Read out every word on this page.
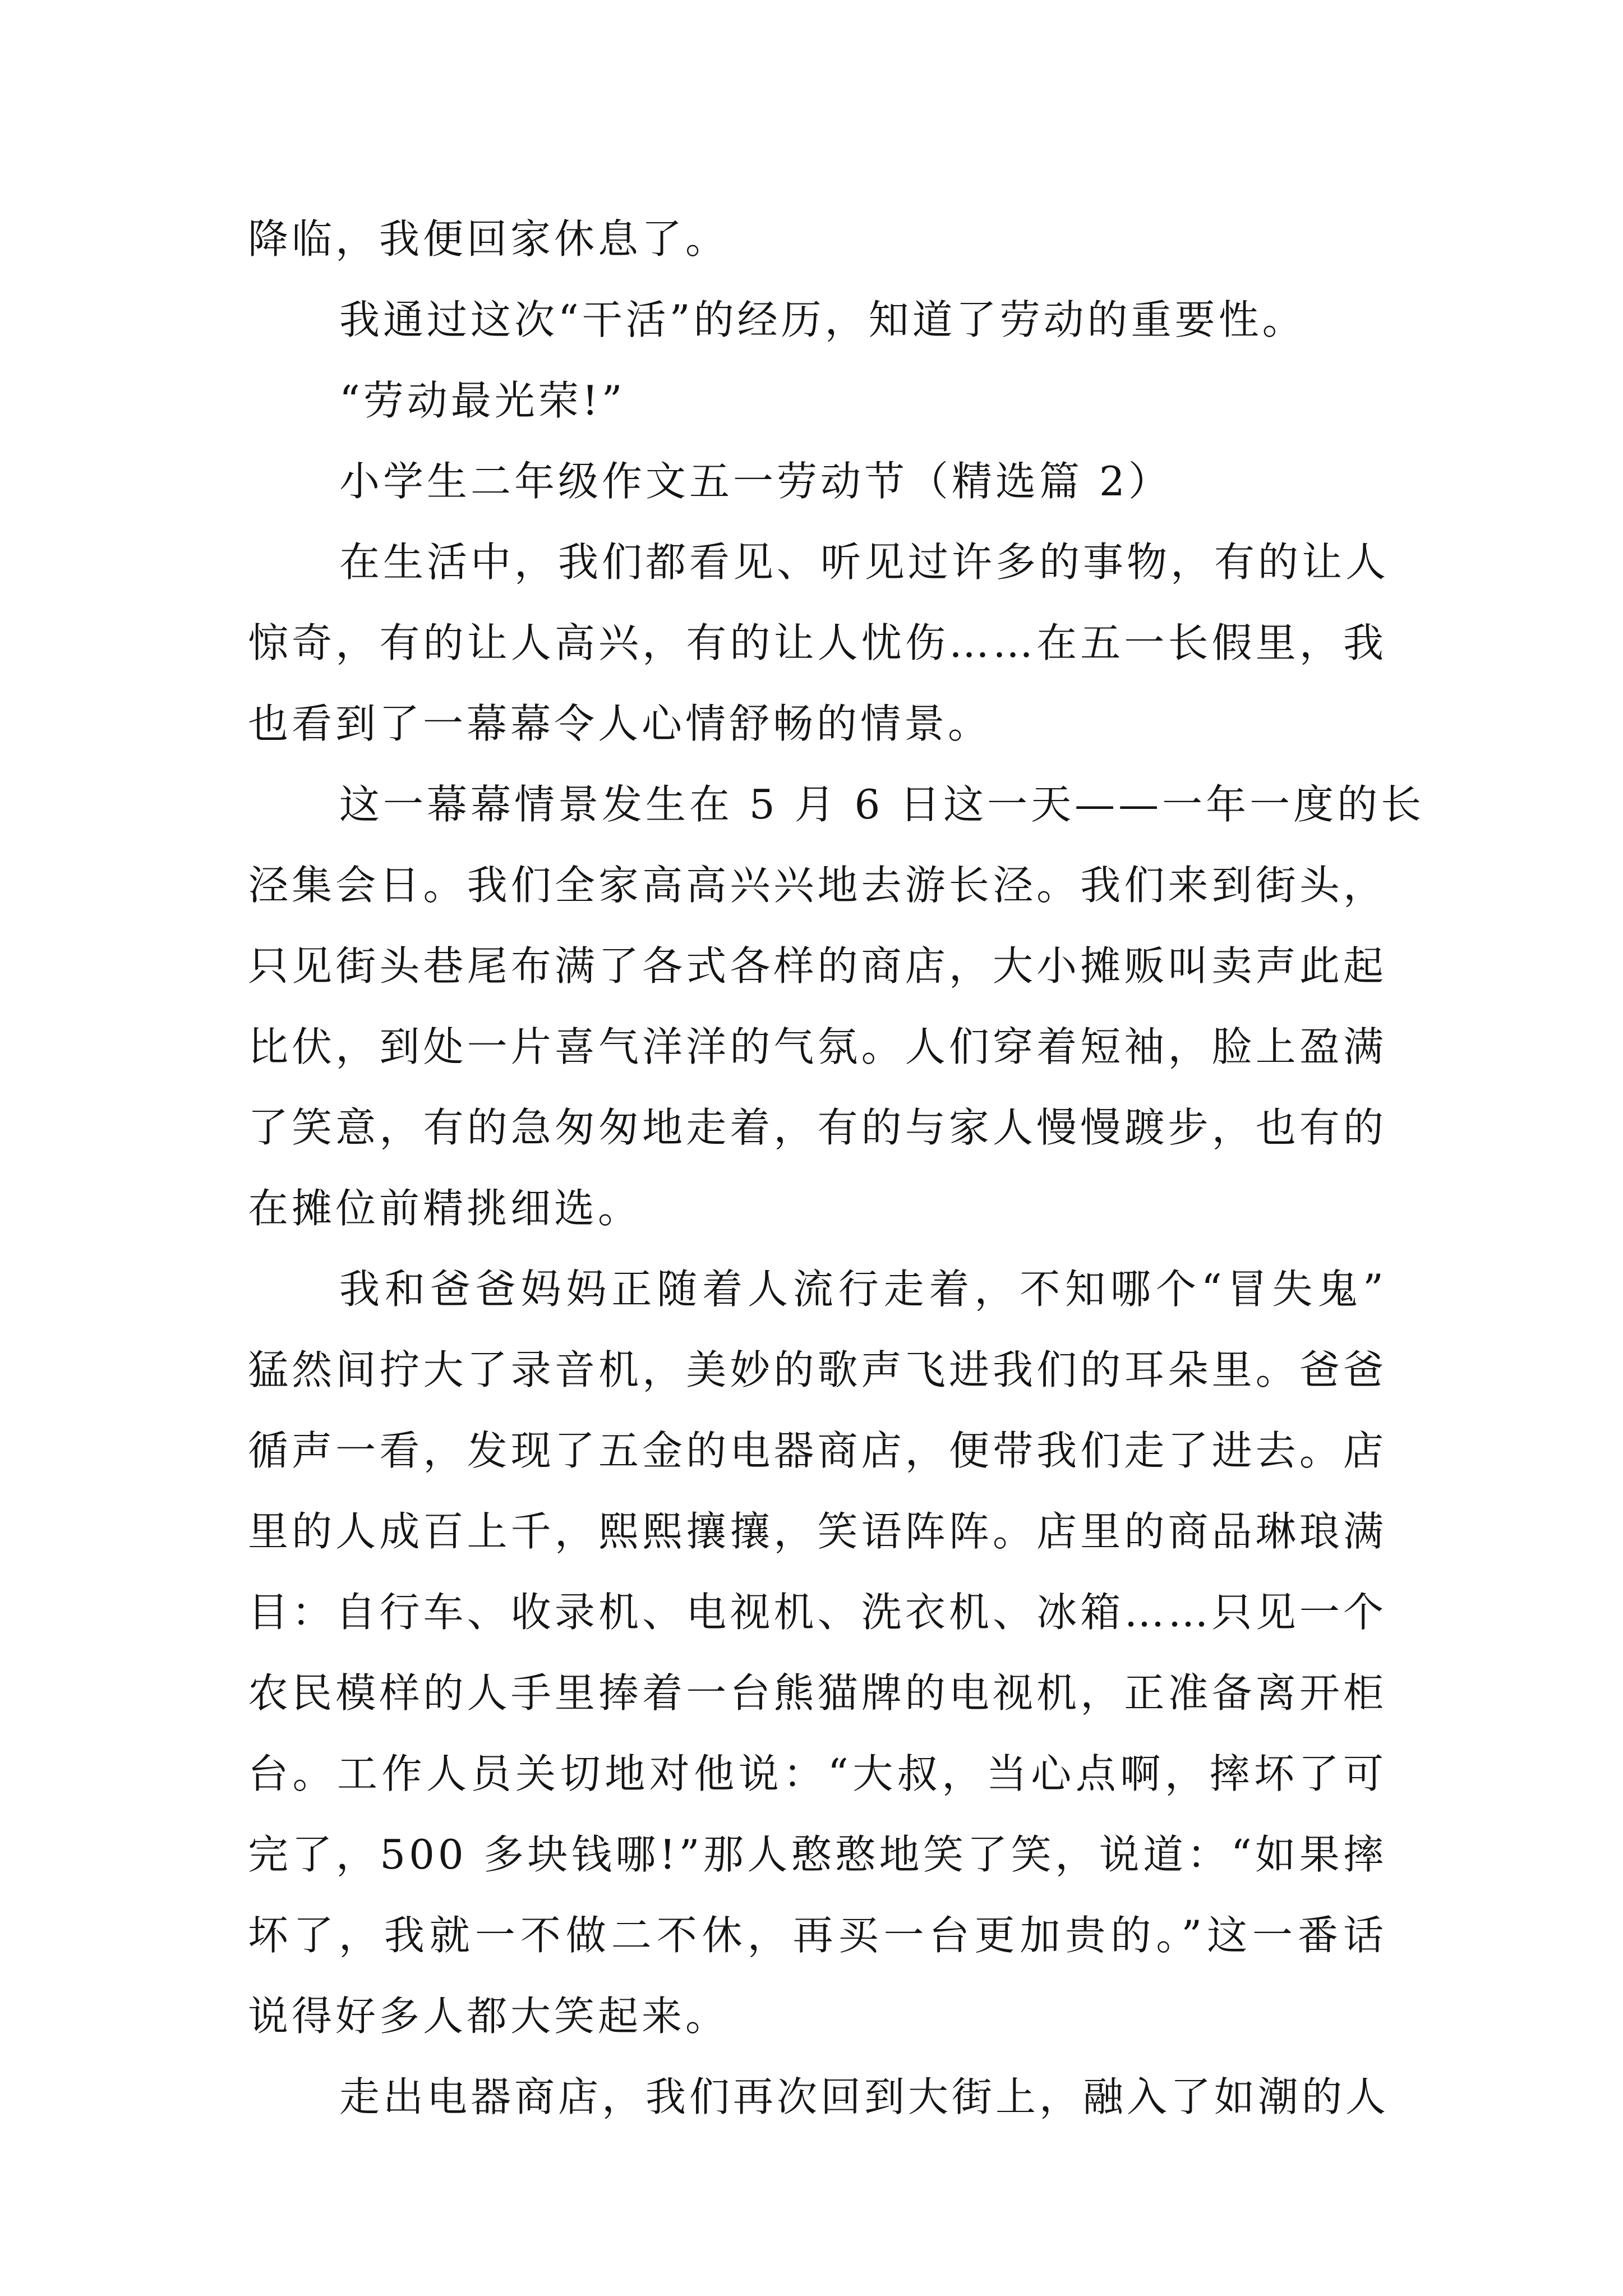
降临，我便回家休息了。
我通过这次“干活”的经历，知道了劳动的重要性。
“劳动最光荣!”
小学生二年级作文五一劳动节（精选篇 2）
在生活中，我们都看见、听见过许多的事物，有的让人
惊奇，有的让人高兴，有的让人忧伤……在五一长假里，我
也看到了一幕幕令人心情舒畅的情景。
这一幕幕情景发生在 5 月 6 日这一天——一年一度的长
泾集会日。我们全家高高兴兴地去游长泾。我们来到街头，
只见街头巷尾布满了各式各样的商店，大小摊贩叫卖声此起
比伏，到处一片喜气洋洋的气氛。人们穿着短袖，脸上盈满
了笑意，有的急匆匆地走着，有的与家人慢慢踱步，也有的
在摊位前精挑细选。
我和爸爸妈妈正随着人流行走着，不知哪个“冒失鬼”
猛然间拧大了录音机，美妙的歌声飞进我们的耳朵里。爸爸
循声一看，发现了五金的电器商店，便带我们走了进去。店
里的人成百上千，熙熙攘攘，笑语阵阵。店里的商品琳琅满
目：自行车、收录机、电视机、洗衣机、冰箱……只见一个
农民模样的人手里捧着一台熊猫牌的电视机，正准备离开柜
台。工作人员关切地对他说：“大叔，当心点啊，摔坏了可
完了，500 多块钱哪!”那人憨憨地笑了笑，说道：“如果摔
坏了，我就一不做二不休，再买一台更加贵的。”这一番话
说得好多人都大笑起来。
走出电器商店，我们再次回到大街上，融入了如潮的人
